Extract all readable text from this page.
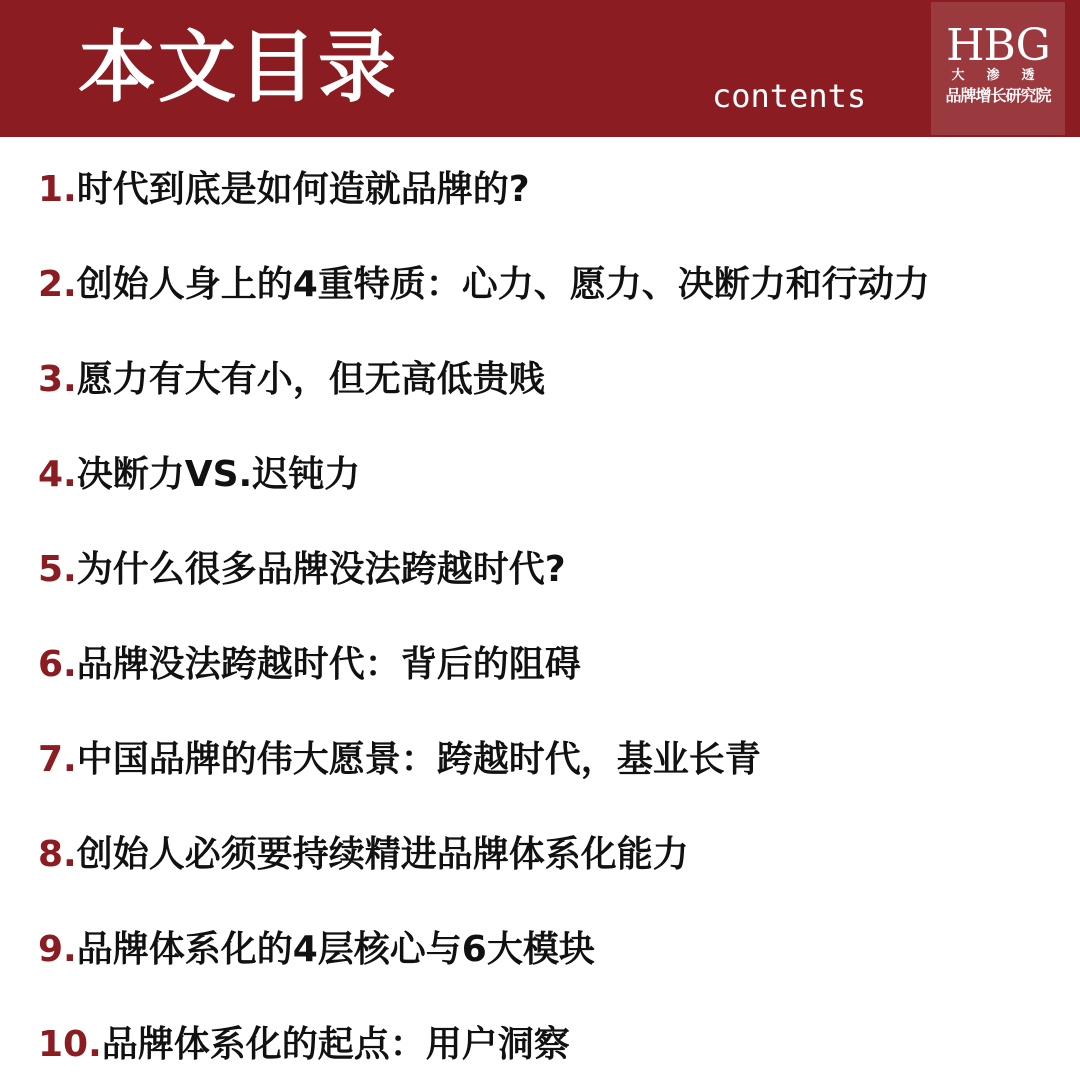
本文目录	contents
HBG
大渗透
品牌增长研究院
1. 时代到底是如何造就品牌的?
2. 创始人身上的4重特质：心力、愿力、决断力和行动力
3. 愿力有大有小，但无高低贵贱
4. 决断力VS.迟钝力
5. 为什么很多品牌没法跨越时代?
6. 品牌没法跨越时代：背后的阻碍
7. 中国品牌的伟大愿景：跨越时代，基业长青
8. 创始人必须要持续精进品牌体系化能力
9. 品牌体系化的4层核心与6大模块
10. 品牌体系化的起点：用户洞察
